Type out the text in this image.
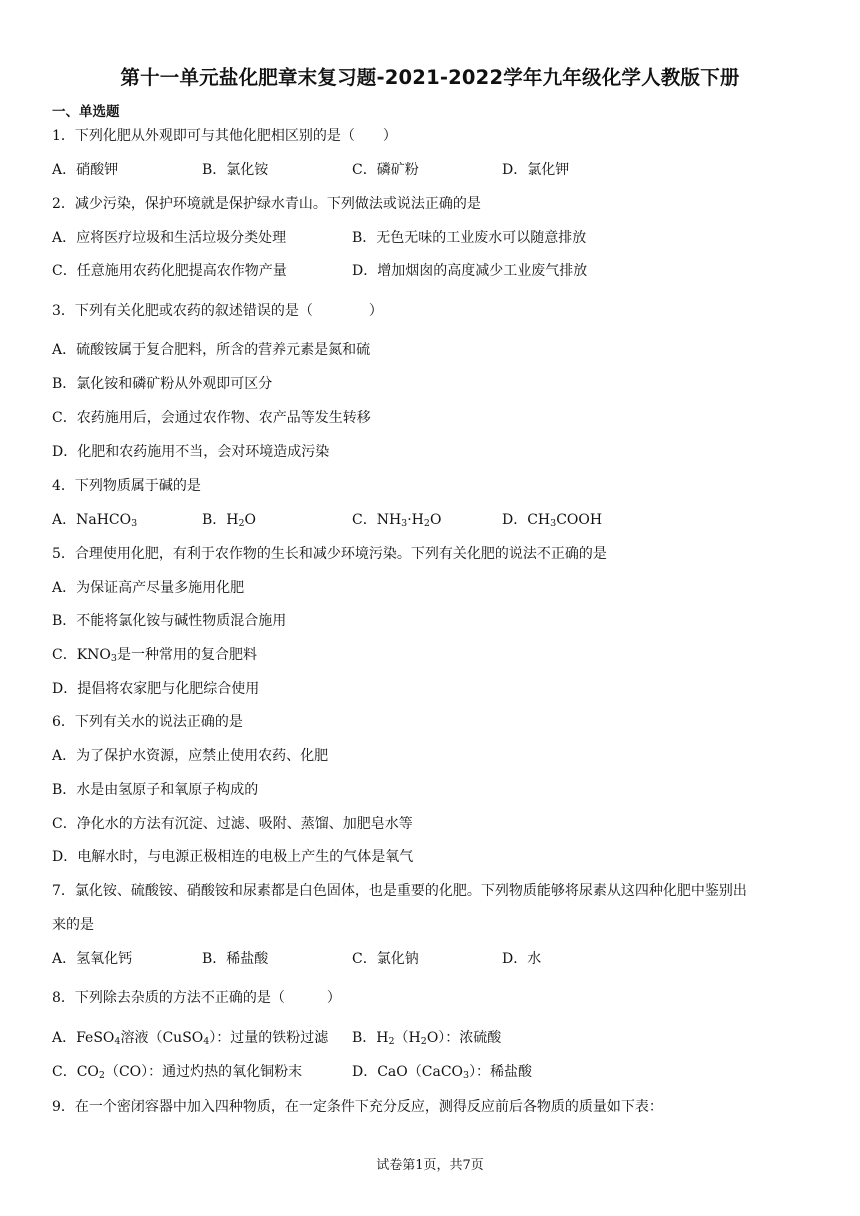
第十一单元盐化肥章末复习题-2021-2022学年九年级化学人教版下册
一、单选题
1．下列化肥从外观即可与其他化肥相区别的是（　　）
A．硝酸钾	B．氯化铵	C．磷矿粉	D．氯化钾
2．减少污染，保护环境就是保护绿水青山。下列做法或说法正确的是
A．应将医疗垃圾和生活垃圾分类处理	B．无色无味的工业废水可以随意排放
C．任意施用农药化肥提高农作物产量	D．增加烟囱的高度减少工业废气排放
3．下列有关化肥或农药的叙述错误的是（　　　　）
A．硫酸铵属于复合肥料，所含的营养元素是氮和硫
B．氯化铵和磷矿粉从外观即可区分
C．农药施用后，会通过农作物、农产品等发生转移
D．化肥和农药施用不当，会对环境造成污染
4．下列物质属于碱的是
A．NaHCO$_3$	B．$H_2O$	C．$NH_3\cdot H_2O$	D．$CH_3COOH$
5．合理使用化肥，有利于农作物的生长和减少环境污染。下列有关化肥的说法不正确的是
A．为保证高产尽量多施用化肥
B．不能将氯化铵与碱性物质混合施用
C．$KNO_3$是一种常用的复合肥料
D．提倡将农家肥与化肥综合使用
6．下列有关水的说法正确的是
A．为了保护水资源，应禁止使用农药、化肥
B．水是由氢原子和氧原子构成的
C．净化水的方法有沉淀、过滤、吸附、蒸馏、加肥皂水等
D．电解水时，与电源正极相连的电极上产生的气体是氧气
7．氯化铵、硫酸铵、硝酸铵和尿素都是白色固体，也是重要的化肥。下列物质能够将尿素从这四种化肥中鉴别出
来的是
A．氢氧化钙	B．稀盐酸	C．氯化钠	D．水
8．下列除去杂质的方法不正确的是（　　　）
A．FeSO$_4$溶液（CuSO$_4$）：过量的铁粉过滤 B．$H_2(H_2O)$：浓硫酸
C．$CO_2(CO)$：通过灼热的氧化铜粉末	D．CaO（CaCO$_3$）：稀盐酸
9．在一个密闭容器中加入四种物质，在一定条件下充分反应，测得反应前后各物质的质量如下表：
试卷第1页，共7页
